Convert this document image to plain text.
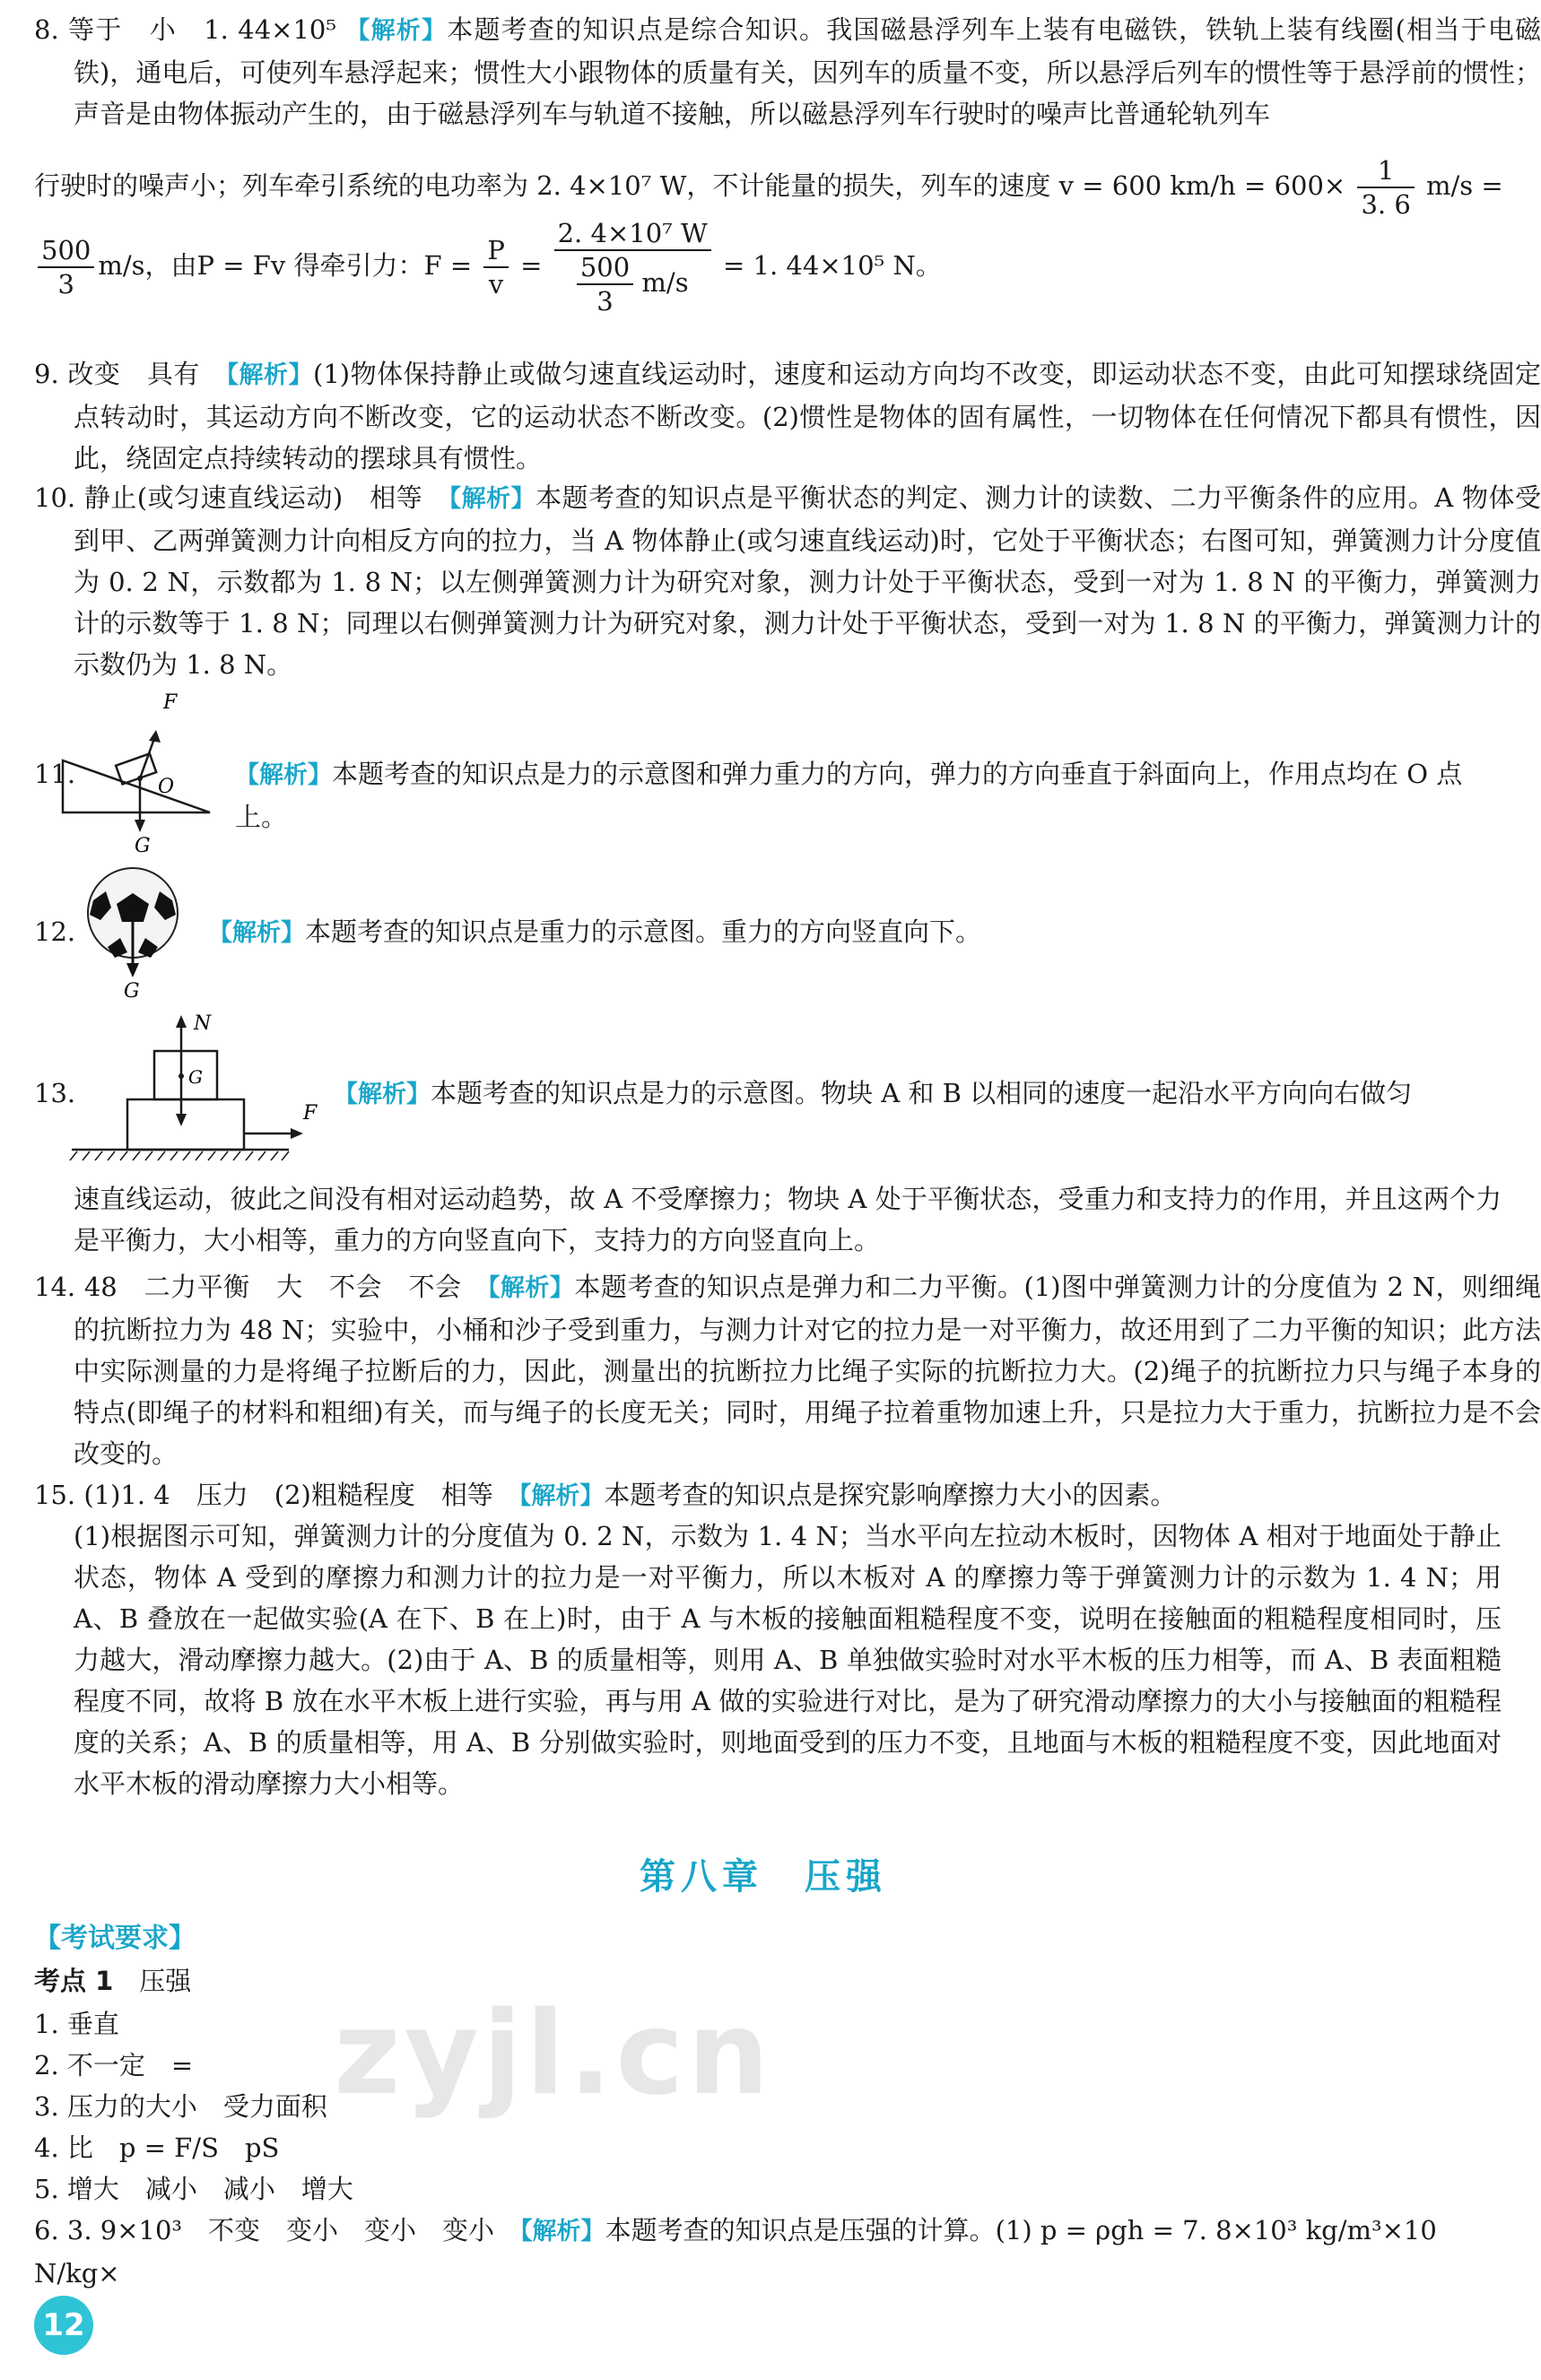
8. 等于　小　1. 44×10⁵ 【解析】本题考查的知识点是综合知识。我国磁悬浮列车上装有电磁铁，铁轨上装有线圈(相当于电磁铁)，通电后，可使列车悬浮起来；惯性大小跟物体的质量有关，因列车的质量不变，所以悬浮后列车的惯性等于悬浮前的惯性；声音是由物体振动产生的，由于磁悬浮列车与轨道不接触，所以磁悬浮列车行驶时的噪声比普通轮轨列车
行驶时的噪声小；列车牵引系统的电功率为 2. 4×10⁷ W，不计能量的损失，列车的速度 v = 600 $km/h = 600\times \frac{1}{3. 6} m/s$ =
$\frac{500}{3} m/s$，由P = Fv 得牵引力：$F = \frac{P}{v} = \frac{\text{2. 4×10⁷ W}}{\frac{500}{3} m/s} = 1$. 44×10⁵ N。
9. 改变　具有　【解析】(1)物体保持静止或做匀速直线运动时，速度和运动方向均不改变，即运动状态不变，由此可知摆球绕固定点转动时，其运动方向不断改变，它的运动状态不断改变。(2)惯性是物体的固有属性，一切物体在任何情况下都具有惯性，因此，绕固定点持续转动的摆球具有惯性。
10. 静止(或匀速直线运动)　相等　【解析】本题考查的知识点是平衡状态的判定、测力计的读数、二力平衡条件的应用。A 物体受到甲、乙两弹簧测力计向相反方向的拉力，当 A 物体静止(或匀速直线运动)时，它处于平衡状态；右图可知，弹簧测力计分度值为 0. 2 N，示数都为 1. 8 N；以左侧弹簧测力计为研究对象，测力计处于平衡状态，受到一对为 1. 8 N 的平衡力，弹簧测力计的示数等于 1. 8 N；同理以右侧弹簧测力计为研究对象，测力计处于平衡状态，受到一对为 1. 8 N 的平衡力，弹簧测力计的示数仍为 1. 8 N。
11.
F
O
G
【解析】本题考查的知识点是力的示意图和弹力重力的方向，弹力的方向垂直于斜面向上，作用点均在 O 点上。
12.
G
【解析】本题考查的知识点是重力的示意图。重力的方向竖直向下。
13.
N
G
F
【解析】本题考查的知识点是力的示意图。物块 A 和 B 以相同的速度一起沿水平方向向右做匀
速直线运动，彼此之间没有相对运动趋势，故 A 不受摩擦力；物块 A 处于平衡状态，受重力和支持力的作用，并且这两个力是平衡力，大小相等，重力的方向竖直向下，支持力的方向竖直向上。
14. 48　二力平衡　大　不会　不会　【解析】本题考查的知识点是弹力和二力平衡。(1)图中弹簧测力计的分度值为 2 N，则细绳的抗断拉力为 48 N；实验中，小桶和沙子受到重力，与测力计对它的拉力是一对平衡力，故还用到了二力平衡的知识；此方法中实际测量的力是将绳子拉断后的力，因此，测量出的抗断拉力比绳子实际的抗断拉力大。(2)绳子的抗断拉力只与绳子本身的特点(即绳子的材料和粗细)有关，而与绳子的长度无关；同时，用绳子拉着重物加速上升，只是拉力大于重力，抗断拉力是不会改变的。
15. (1)1. 4　压力　(2)粗糙程度　相等　【解析】本题考查的知识点是探究影响摩擦力大小的因素。
(1)根据图示可知，弹簧测力计的分度值为 0. 2 N，示数为 1. 4 N；当水平向左拉动木板时，因物体 A 相对于地面处于静止状态，物体 A 受到的摩擦力和测力计的拉力是一对平衡力，所以木板对 A 的摩擦力等于弹簧测力计的示数为 1. 4 N；用 A、B 叠放在一起做实验(A 在下、B 在上)时，由于 A 与木板的接触面粗糙程度不变，说明在接触面的粗糙程度相同时，压力越大，滑动摩擦力越大。(2)由于 A、B 的质量相等，则用 A、B 单独做实验时对水平木板的压力相等，而 A、B 表面粗糙程度不同，故将 B 放在水平木板上进行实验，再与用 A 做的实验进行对比，是为了研究滑动摩擦力的大小与接触面的粗糙程度的关系；A、B 的质量相等，用 A、B 分别做实验时，则地面受到的压力不变，且地面与木板的粗糙程度不变，因此地面对水平木板的滑动摩擦力大小相等。
第八章　压强
【考试要求】
考点 1　压强
1. 垂直
2. 不一定　=
3. 压力的大小　受力面积
4. 比　p = F/S　pS
5. 增大　减小　减小　增大
6. 3. 9×10³　不变　变小　变小　变小　【解析】本题考查的知识点是压强的计算。(1) p = ρgh = 7. 8×10³ kg/m³×10 N/kg×
zyjl.cn
12
